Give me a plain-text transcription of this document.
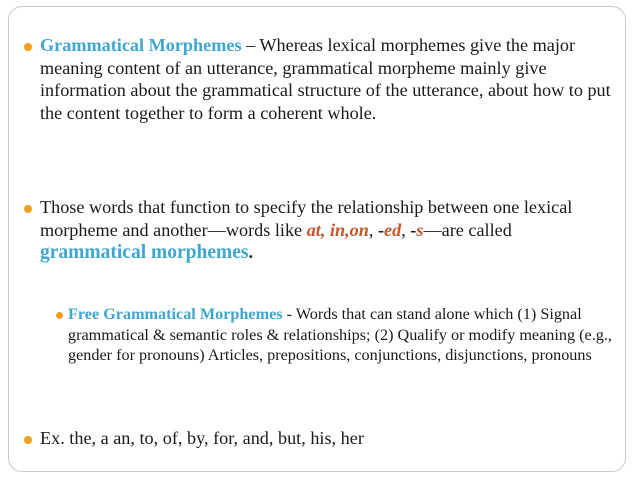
Grammatical Morphemes – Whereas lexical morphemes give the major meaning content of an utterance, grammatical morpheme mainly give information about the grammatical structure of the utterance, about how to put the content together to form a coherent whole.
Those words that function to specify the relationship between one lexical morpheme and another—words like at, in,on, -ed, -s—are called grammatical morphemes.
Free Grammatical Morphemes - Words that can stand alone which (1) Signal grammatical & semantic roles & relationships; (2) Qualify or modify meaning (e.g., gender for pronouns) Articles, prepositions, conjunctions, disjunctions, pronouns
Ex. the, a an, to, of, by, for, and, but, his, her
